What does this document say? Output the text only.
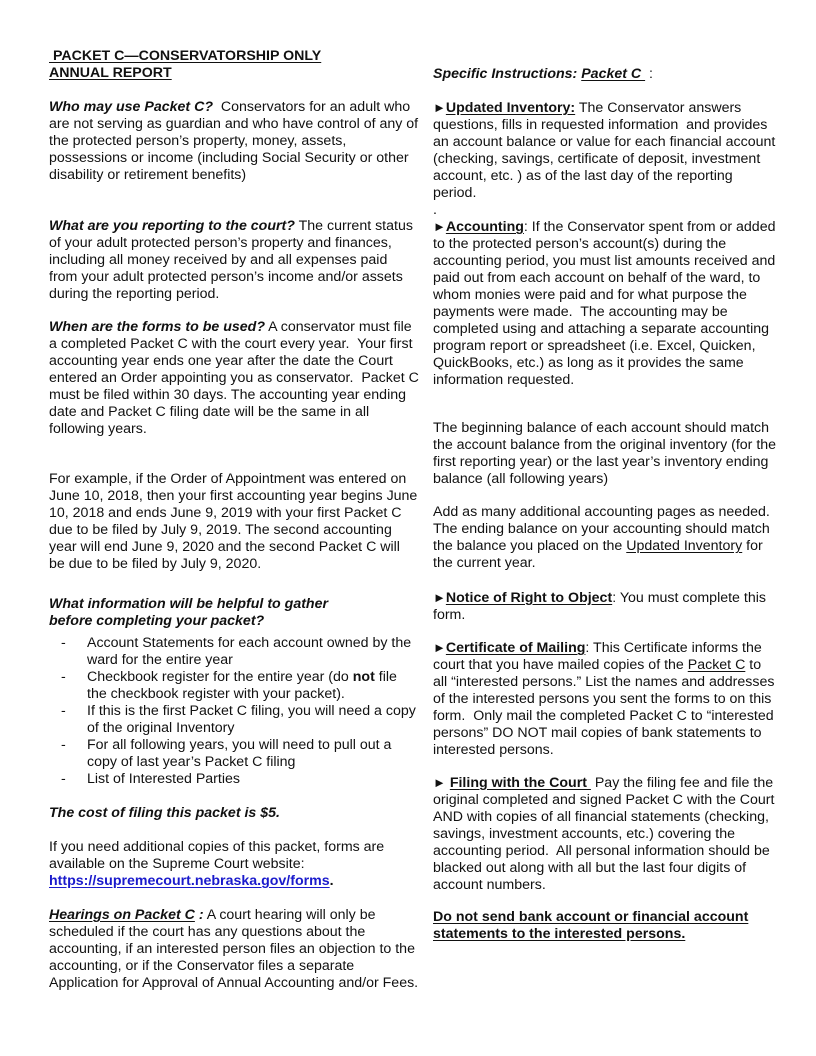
PACKET C—CONSERVATORSHIP ONLY
ANNUAL REPORT

Who may use Packet C?  Conservators for an adult who are not serving as guardian and who have control of any of the protected person’s property, money, assets, possessions or income (including Social Security or other disability or retirement benefits)

What are you reporting to the court? The current status of your adult protected person’s property and finances, including all money received by and all expenses paid from your adult protected person’s income and/or assets during the reporting period.

When are the forms to be used? A conservator must file a completed Packet C with the court every year.  Your first accounting year ends one year after the date the Court entered an Order appointing you as conservator.  Packet C must be filed within 30 days. The accounting year ending date and Packet C filing date will be the same in all following years.

For example, if the Order of Appointment was entered on June 10, 2018, then your first accounting year begins June 10, 2018 and ends June 9, 2019 with your first Packet C due to be filed by July 9, 2019. The second accounting year will end June 9, 2020 and the second Packet C will be due to be filed by July 9, 2020.

What information will be helpful to gather before completing your packet?

- Account Statements for each account owned by the ward for the entire year
- Checkbook register for the entire year (do not file the checkbook register with your packet).
- If this is the first Packet C filing, you will need a copy of the original Inventory
- For all following years, you will need to pull out a copy of last year’s Packet C filing
- List of Interested Parties

The cost of filing this packet is $5.

If you need additional copies of this packet, forms are available on the Supreme Court website: https://supremecourt.nebraska.gov/forms.

Hearings on Packet C : A court hearing will only be scheduled if the court has any questions about the accounting, if an interested person files an objection to the accounting, or if the Conservator files a separate Application for Approval of Annual Accounting and/or Fees.

Specific Instructions: Packet C  :

►Updated Inventory: The Conservator answers questions, fills in requested information  and provides an account balance or value for each financial account (checking, savings, certificate of deposit, investment account, etc. ) as of the last day of the reporting period.

.

►Accounting: If the Conservator spent from or added to the protected person’s account(s) during the accounting period, you must list amounts received and paid out from each account on behalf of the ward, to whom monies were paid and for what purpose the payments were made.  The accounting may be completed using and attaching a separate accounting program report or spreadsheet (i.e. Excel, Quicken, QuickBooks, etc.) as long as it provides the same information requested.

The beginning balance of each account should match the account balance from the original inventory (for the first reporting year) or the last year’s inventory ending balance (all following years)

Add as many additional accounting pages as needed.   The ending balance on your accounting should match the balance you placed on the Updated Inventory for the current year.

►Notice of Right to Object: You must complete this form.

►Certificate of Mailing: This Certificate informs the court that you have mailed copies of the Packet C to all “interested persons.” List the names and addresses of the interested persons you sent the forms to on this form.  Only mail the completed Packet C to “interested persons” DO NOT mail copies of bank statements to interested persons.

► Filing with the Court  Pay the filing fee and file the original completed and signed Packet C with the Court AND with copies of all financial statements (checking, savings, investment accounts, etc.) covering the accounting period.  All personal information should be blacked out along with all but the last four digits of account numbers.

Do not send bank account or financial account statements to the interested persons.
